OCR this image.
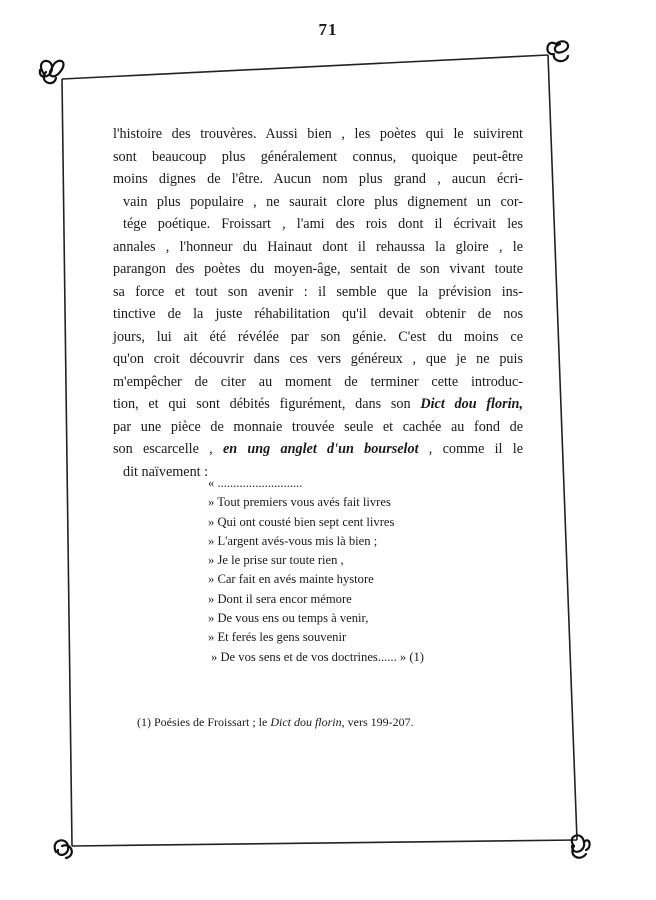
71
l'histoire des trouvères. Aussi bien , les poètes qui le suivirent
sont beaucoup plus généralement connus, quoique peut-être
moins dignes de l'être. Aucun nom plus grand , aucun écri-
vain plus populaire , ne saurait clore plus dignement un cor-
tége poétique. Froissart , l'ami des rois dont il écrivait les
annales , l'honneur du Hainaut dont il rehaussa la gloire , le
parangon des poètes du moyen-âge, sentait de son vivant toute
sa force et tout son avenir : il semble que la prévision ins-
tinctive de la juste réhabilitation qu'il devait obtenir de nos
jours, lui ait été révélée par son génie. C'est du moins ce
qu'on croit découvrir dans ces vers généreux , que je ne puis
m'empêcher de citer au moment de terminer cette introduc-
tion, et qui sont débités figurément, dans son Dict dou florin,
par une pièce de monnaie trouvée seule et cachée au fond de
son escarcelle , en ung anglet d'un bourselot , comme il le
dit naïvement :
« ...........................
» Tout premiers vous avés fait livres
» Qui ont cousté bien sept cent livres
» L'argent avés-vous mis là bien ;
» Je le prise sur toute rien ,
» Car fait en avés mainte hystore
» Dont il sera encor mémore
» De vous ens ou temps à venir,
» Et ferés les gens souvenir
» De vos sens et de vos doctrines...... » (1)
(1) Poésies de Froissart ; le Dict dou florin, vers 199-207.
